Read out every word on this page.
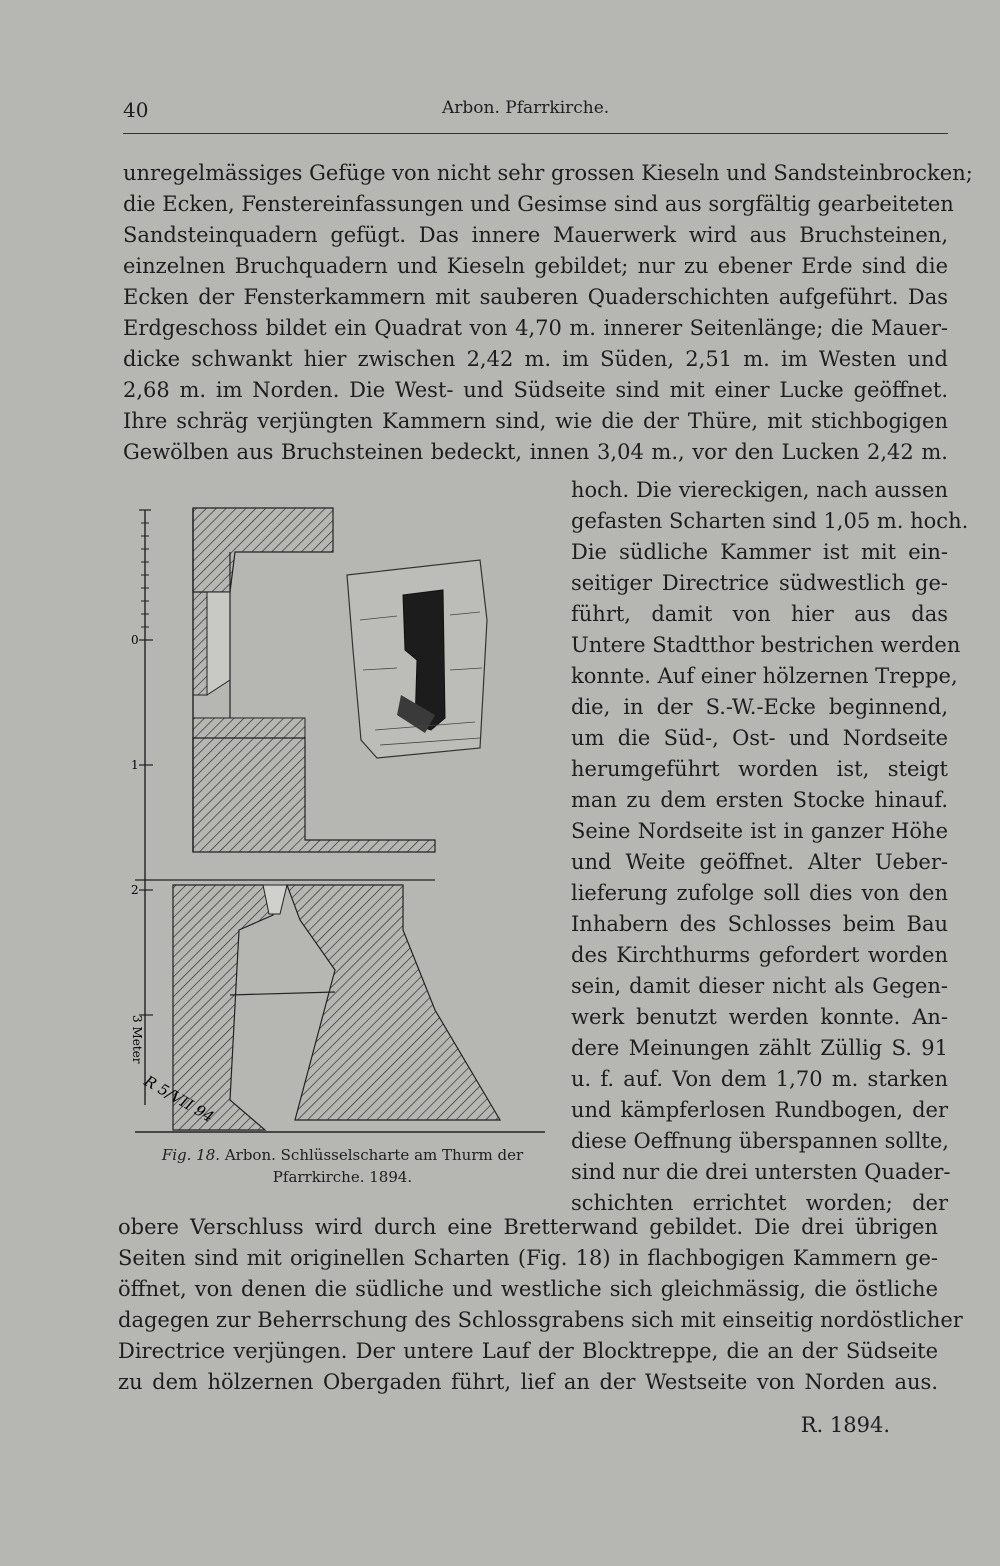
40	Arbon. Pfarrkirche.
unregelmässiges Gefüge von nicht sehr grossen Kieseln und Sandsteinbrocken;
die Ecken, Fenstereinfassungen und Gesimse sind aus sorgfältig gearbeiteten
Sandsteinquadern gefügt. Das innere Mauerwerk wird aus Bruchsteinen,
einzelnen Bruchquadern und Kieseln gebildet; nur zu ebener Erde sind die
Ecken der Fensterkammern mit sauberen Quaderschichten aufgeführt. Das
Erdgeschoss bildet ein Quadrat von 4,70 m. innerer Seitenlänge; die Mauer-
dicke schwankt hier zwischen 2,42 m. im Süden, 2,51 m. im Westen und
2,68 m. im Norden. Die West- und Südseite sind mit einer Lucke geöffnet.
Ihre schräg verjüngten Kammern sind, wie die der Thüre, mit stichbogigen
Gewölben aus Bruchsteinen bedeckt, innen 3,04 m., vor den Lucken 2,42 m.
0
1
2
3 Meter
R 5/VII 94
Fig. 18. Arbon. Schlüsselscharte am Thurm der Pfarrkirche. 1894.
hoch. Die viereckigen, nach aussen
gefasten Scharten sind 1,05 m. hoch.
Die südliche Kammer ist mit ein-
seitiger Directrice südwestlich ge-
führt, damit von hier aus das
Untere Stadtthor bestrichen werden
konnte. Auf einer hölzernen Treppe,
die, in der S.-W.-Ecke beginnend,
um die Süd-, Ost- und Nordseite
herumgeführt worden ist, steigt
man zu dem ersten Stocke hinauf.
Seine Nordseite ist in ganzer Höhe
und Weite geöffnet. Alter Ueber-
lieferung zufolge soll dies von den
Inhabern des Schlosses beim Bau
des Kirchthurms gefordert worden
sein, damit dieser nicht als Gegen-
werk benutzt werden konnte. An-
dere Meinungen zählt Züllig S. 91
u. f. auf. Von dem 1,70 m. starken
und kämpferlosen Rundbogen, der
diese Oeffnung überspannen sollte,
sind nur die drei untersten Quader-
schichten errichtet worden; der
obere Verschluss wird durch eine Bretterwand gebildet. Die drei übrigen
Seiten sind mit originellen Scharten (Fig. 18) in flachbogigen Kammern ge-
öffnet, von denen die südliche und westliche sich gleichmässig, die östliche
dagegen zur Beherrschung des Schlossgrabens sich mit einseitig nordöstlicher
Directrice verjüngen. Der untere Lauf der Blocktreppe, die an der Südseite
zu dem hölzernen Obergaden führt, lief an der Westseite von Norden aus.
R. 1894.
